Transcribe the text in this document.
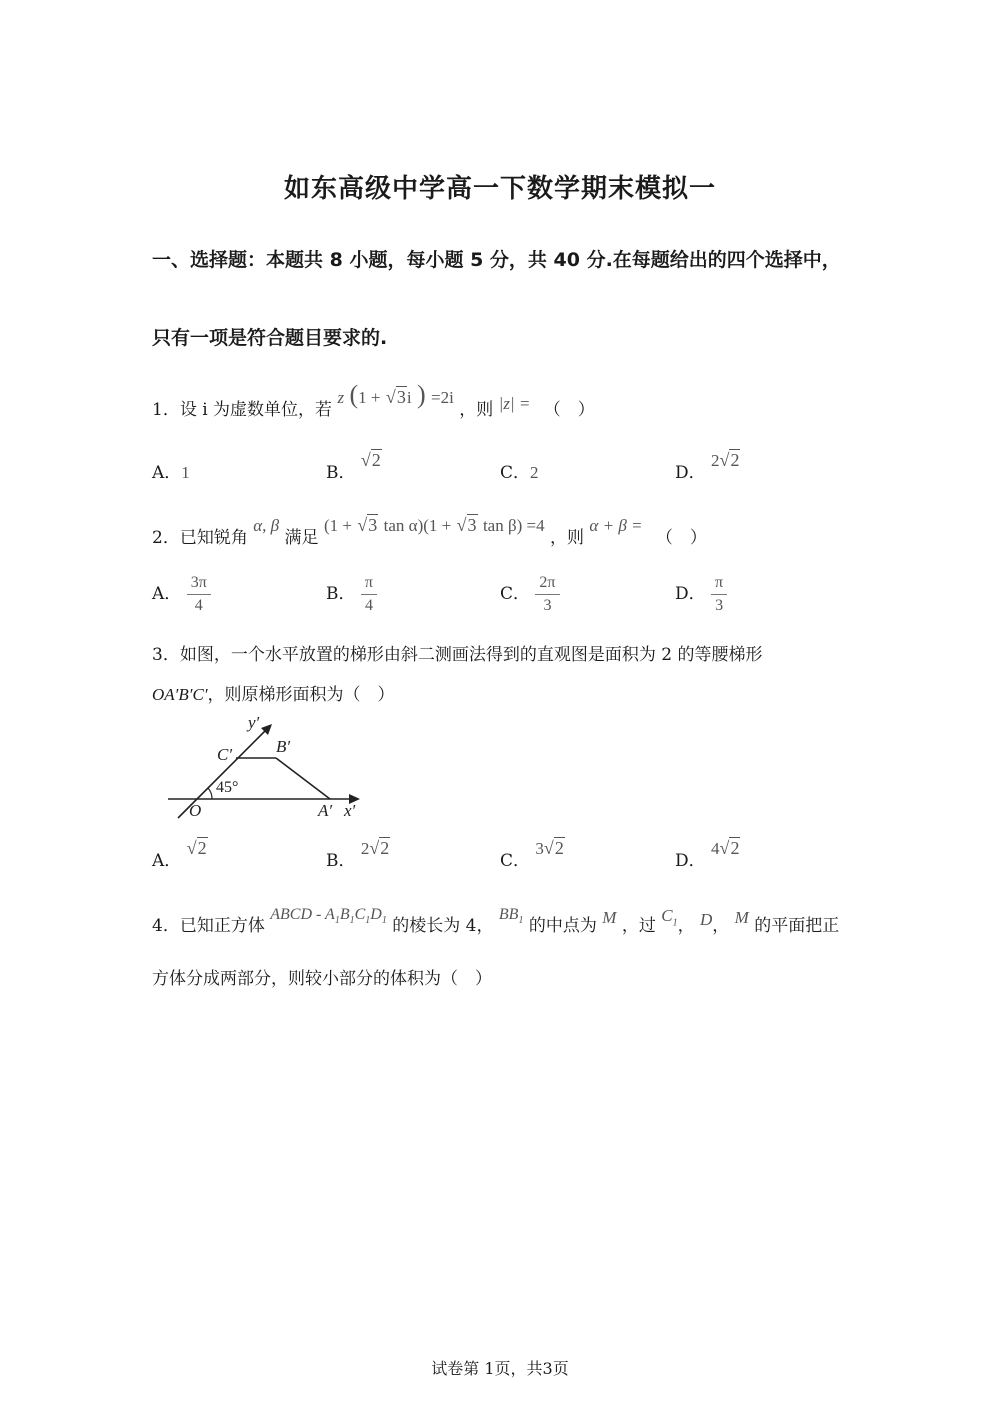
如东高级中学高一下数学期末模拟一
一、选择题：本题共 8 小题，每小题 5 分，共 40 分.在每题给出的四个选择中，
只有一项是符合题目要求的.
1．设 i 为虚数单位，若 z (1 + √3i ) =2i ，则 |z| = （　）
A．1	B． √2
C．2	D． 2√2
2．已知锐角 α, β 满足 (1 + √3 tan α)(1 + √3 tan β) =4 ，则 α + β = （　）
A． $\frac{3\pi}{4}$	B． $\frac{\pi}{4}$	C． $\frac{2\pi}{3}$	D． $\frac{\pi}{3}$
3．如图，一个水平放置的梯形由斜二测画法得到的直观图是面积为 2 的等腰梯形
OA′B′C′，则原梯形面积为（　）
y′
B′
C′
45°
O	A′ x′
A． √2
B． 2√2
C． 3√2
D． 4√2
4．已知正方体 ABCD - $A_1B_1C_1D_1$ 的棱长为 4， $BB_1$ 的中点为 M ，过 $C_1$， D， M 的平面把正
方体分成两部分，则较小部分的体积为（　）
试卷第 1页，共3页
